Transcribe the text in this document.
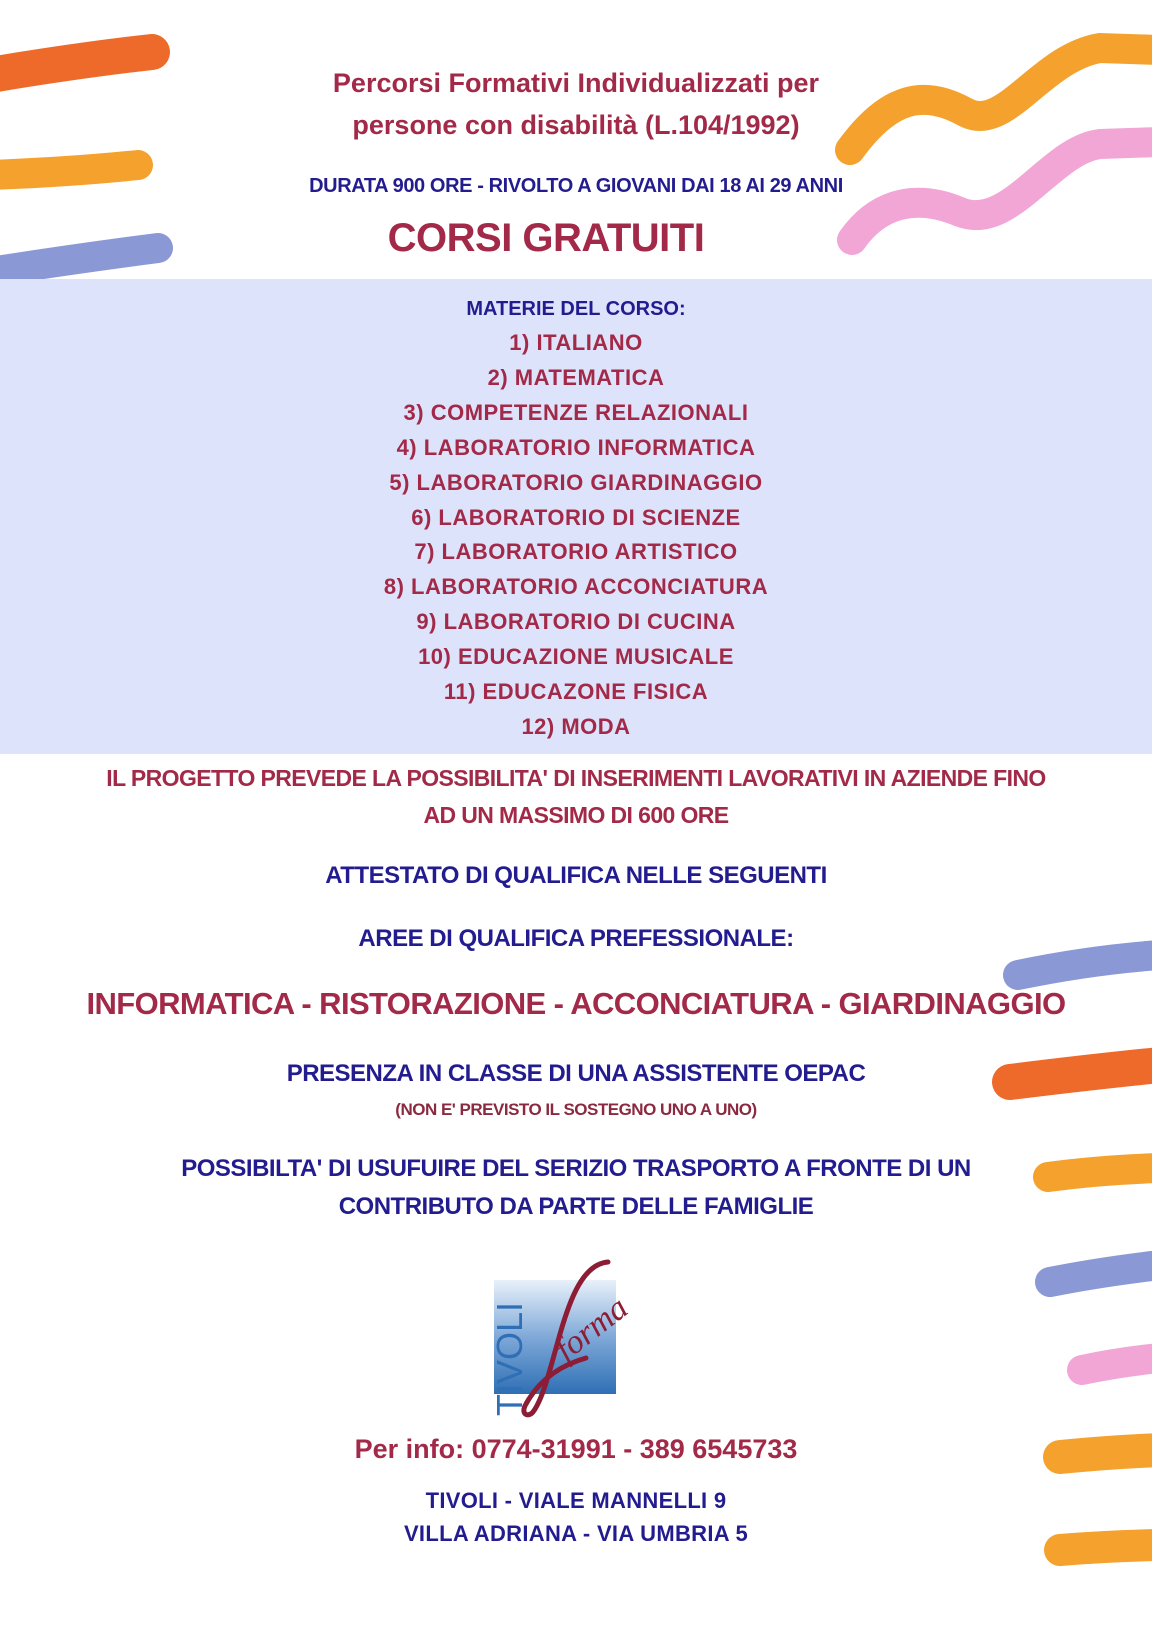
Percorsi Formativi Individualizzati per
persone con disabilità (L.104/1992)
DURATA 900 ORE - RIVOLTO A GIOVANI DAI 18 AI 29 ANNI
CORSI GRATUITI
MATERIE DEL CORSO:
1) ITALIANO
2) MATEMATICA
3) COMPETENZE RELAZIONALI
4) LABORATORIO INFORMATICA
5) LABORATORIO GIARDINAGGIO
6) LABORATORIO DI SCIENZE
7) LABORATORIO ARTISTICO
8) LABORATORIO ACCONCIATURA
9) LABORATORIO DI CUCINA
10) EDUCAZIONE MUSICALE
11) EDUCAZONE FISICA
12) MODA
IL PROGETTO PREVEDE LA POSSIBILITA' DI INSERIMENTI LAVORATIVI IN AZIENDE FINO
AD UN MASSIMO DI 600 ORE
ATTESTATO DI QUALIFICA NELLE SEGUENTI
AREE DI QUALIFICA PREFESSIONALE:
INFORMATICA - RISTORAZIONE - ACCONCIATURA - GIARDINAGGIO
PRESENZA IN CLASSE DI UNA ASSISTENTE OEPAC
(NON E' PREVISTO IL SOSTEGNO UNO A UNO)
POSSIBILTA' DI USUFUIRE DEL SERIZIO TRASPORTO A FRONTE DI UN
CONTRIBUTO DA PARTE DELLE FAMIGLIE
TIVOLI forma
Per info: 0774-31991 - 389 6545733
TIVOLI - VIALE MANNELLI 9
VILLA ADRIANA - VIA UMBRIA 5
